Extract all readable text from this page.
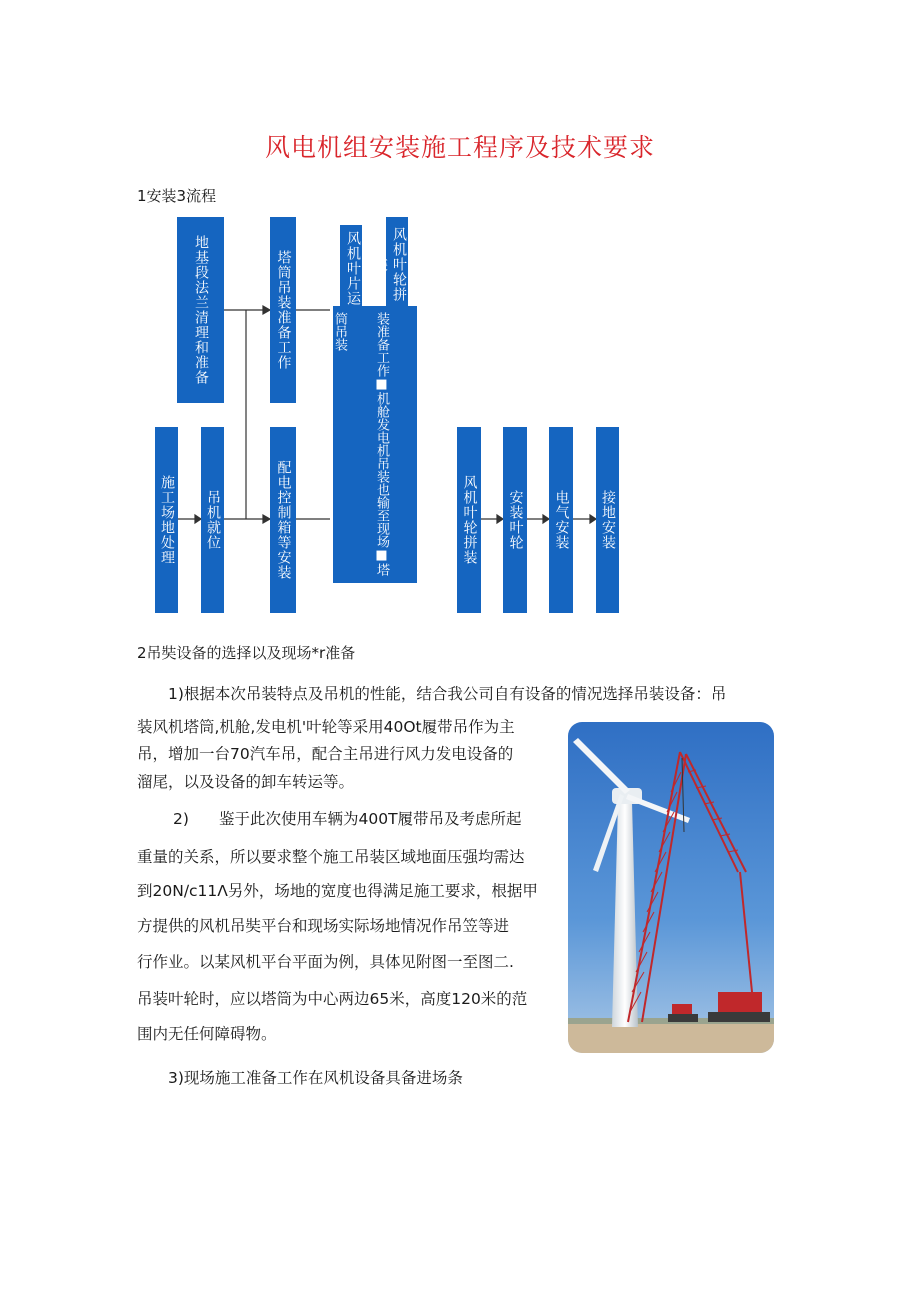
风电机组安装施工程序及技术要求
1安装3流程
地基段法兰清理和准备	塔筒吊装准备工作	风机叶片运	风机叶轮拼装
筒吊装 装准备工作■机舱发电机吊装也输至现场■塔
施工场地处理 吊机就位	配电控制箱等安装	风机叶轮拼装	安装叶轮	电气安装 接地安装
2吊奘设备的选择以及现场*r准备
1)根据本次吊装特点及吊机的性能，结合我公司自有设备的情况选择吊装设备：吊
装风机塔筒,机舱,发电机'叶轮等采用40Ot履带吊作为主
吊，增加一台70汽车吊，配合主吊进行风力发电设备的
溜尾，以及设备的卸车转运等。
2) 鉴于此次使用车辆为400T履带吊及考虑所起
重量的关系，所以要求整个施工吊装区域地面压强均需达
到20N∕c11Λ另外，场地的宽度也得满足施工要求，根据甲
方提供的风机吊奘平台和现场实际场地情况作吊笠等进
行作业。以某风机平台平面为例，具体见附图一至图二.
吊装叶轮时，应以塔筒为中心两边65米，高度120米的范
围内无任何障碍物。
3)现场施工准备工作在风机设备具备进场条
